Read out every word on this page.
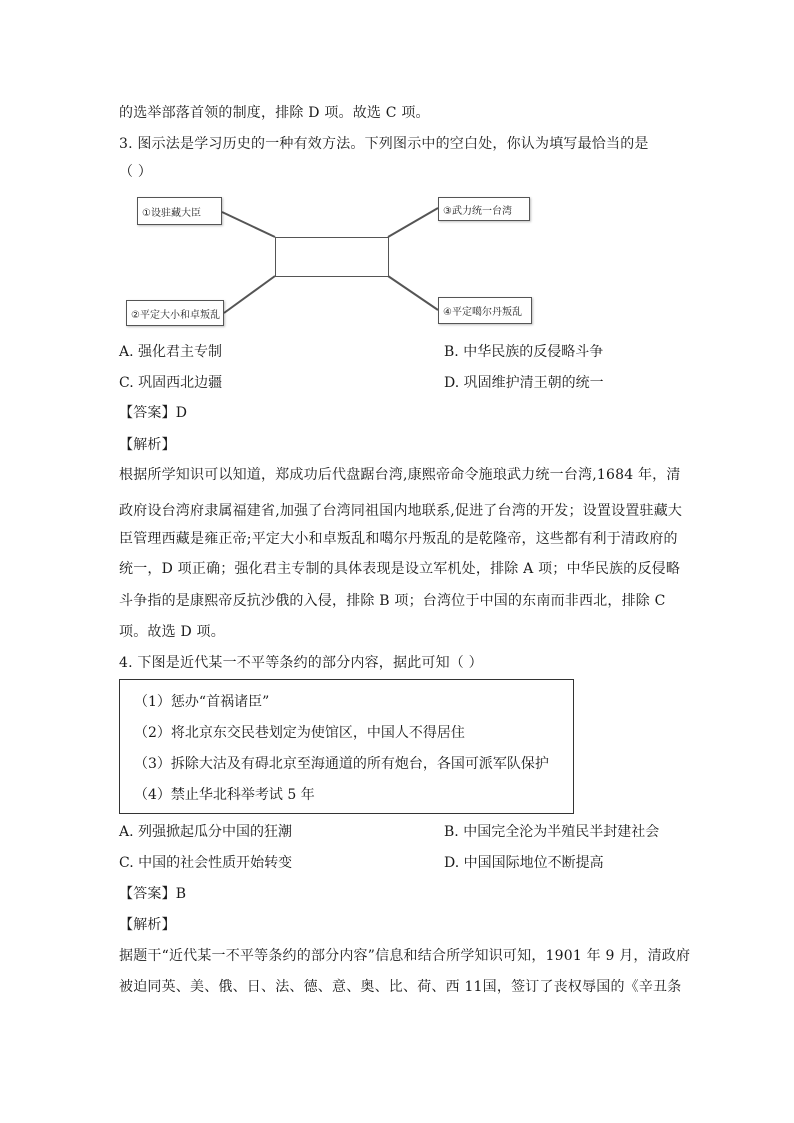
的选举部落首领的制度，排除 D 项。故选 C 项。
3. 图示法是学习历史的一种有效方法。下列图示中的空白处，你认为填写最恰当的是
（ ）
①设驻藏大臣
②平定大小和卓叛乱
③武力统一台湾
④平定噶尔丹叛乱
A. 强化君主专制	B. 中华民族的反侵略斗争
C. 巩固西北边疆	D. 巩固维护清王朝的统一
【答案】D
【解析】
根据所学知识可以知道，郑成功后代盘踞台湾,康熙帝命令施琅武力统一台湾,1684 年，清
政府设台湾府隶属福建省,加强了台湾同祖国内地联系,促进了台湾的开发；设置设置驻藏大
臣管理西藏是雍正帝;平定大小和卓叛乱和噶尔丹叛乱的是乾隆帝，这些都有利于清政府的
统一，D 项正确；强化君主专制的具体表现是设立军机处，排除 A 项；中华民族的反侵略
斗争指的是康熙帝反抗沙俄的入侵，排除 B 项；台湾位于中国的东南而非西北，排除 C
项。故选 D 项。
4. 下图是近代某一不平等条约的部分内容，据此可知（ ）
（1）惩办“首祸诸臣”
（2）将北京东交民巷划定为使馆区，中国人不得居住
（3）拆除大沽及有碍北京至海通道的所有炮台，各国可派军队保护
（4）禁止华北科举考试 5 年
A. 列强掀起瓜分中国的狂潮	B. 中国完全沦为半殖民半封建社会
C. 中国的社会性质开始转变	D. 中国国际地位不断提高
【答案】B
【解析】
据题干“近代某一不平等条约的部分内容”信息和结合所学知识可知，1901 年 9 月，清政府
被迫同英、美、俄、日、法、德、意、奥、比、荷、西 11国，签订了丧权辱国的《辛丑条
